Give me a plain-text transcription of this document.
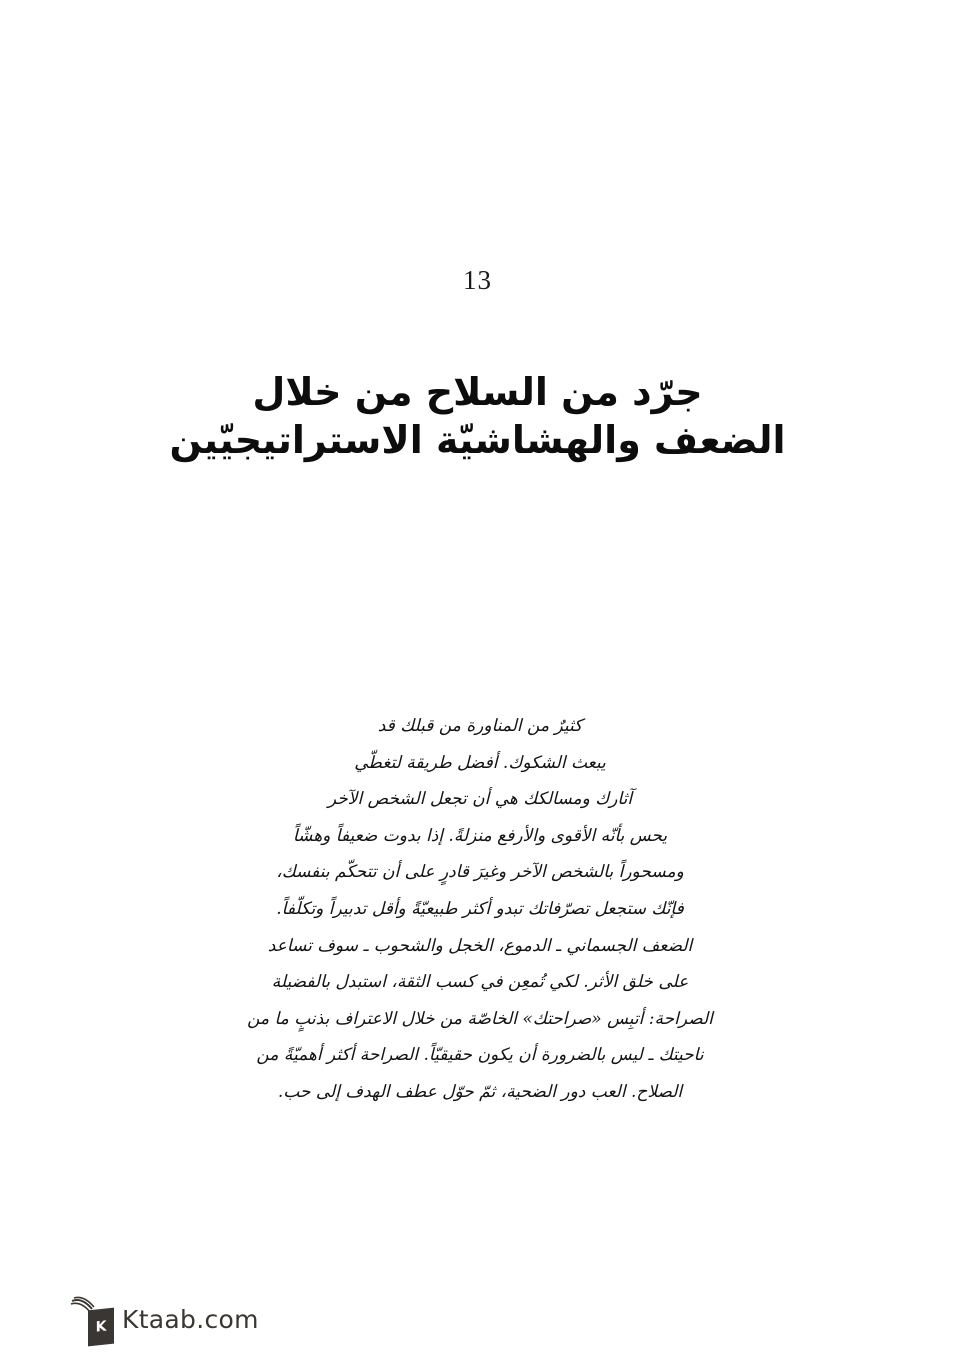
13
جرّد من السلاح من خلال
الضعف والهشاشيّة الاستراتيجيّين
كثيرٌ من المناورة من قبلك قد
يبعث الشكوك. أفضل طريقة لتغطّي
آثارك ومسالكك هي أن تجعل الشخص الآخر
يحس بأنّه الأقوى والأرفع منزلةً. إذا بدوت ضعيفاً وهشّاً
ومسحوراً بالشخص الآخر وغيرَ قادرٍ على أن تتحكّم بنفسك،
فإنّك ستجعل تصرّفاتك تبدو أكثر طبيعيّةً وأقل تدبيراً وتكلّفاً.
الضعف الجسماني ـ الدموع، الخجل والشحوب ـ سوف تساعد
على خلق الأثر. لكي تُمعِن في كسب الثقة، استبدل بالفضيلة
الصراحة: أتبِس «صراحتك» الخاصّة من خلال الاعتراف بذنبٍ ما من
ناحيتك ـ ليس بالضرورة أن يكون حقيقيّاً. الصراحة أكثر أهميّةً من
الصلاح. العب دور الضحية، ثمّ حوّل عطف الهدف إلى حب.
K Ktaab.com
